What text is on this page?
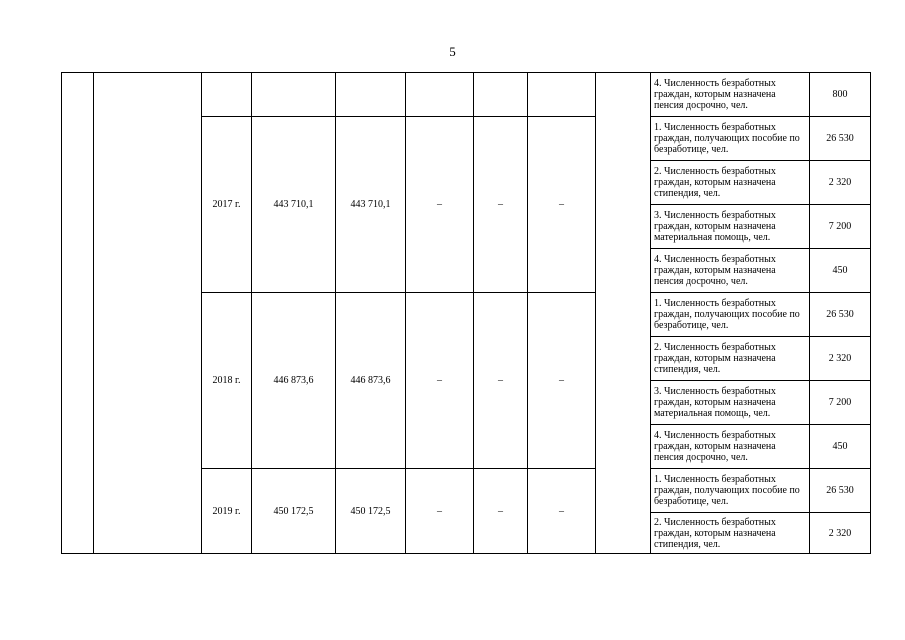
5
									4. Численность безработных граждан, которым назначена пенсия досрочно, чел.	800
		2017 г.	443 710,1	443 710,1	–	–	–		1. Численность безработных граждан, получающих пособие по безработице, чел.	26 530
									2. Численность безработных граждан, которым назначена стипендия, чел.	2 320
									3. Численность безработных граждан, которым назначена материальная помощь, чел.	7 200
									4. Численность безработных граждан, которым назначена пенсия досрочно, чел.	450
		2018 г.	446 873,6	446 873,6	–	–	–		1. Численность безработных граждан, получающих пособие по безработице, чел.	26 530
									2. Численность безработных граждан, которым назначена стипендия, чел.	2 320
									3. Численность безработных граждан, которым назначена материальная помощь, чел.	7 200
									4. Численность безработных граждан, которым назначена пенсия досрочно, чел.	450
		2019 г.	450 172,5	450 172,5	–	–	–		1. Численность безработных граждан, получающих пособие по безработице, чел.	26 530
									2. Численность безработных граждан, которым назначена стипендия, чел.	2 320
